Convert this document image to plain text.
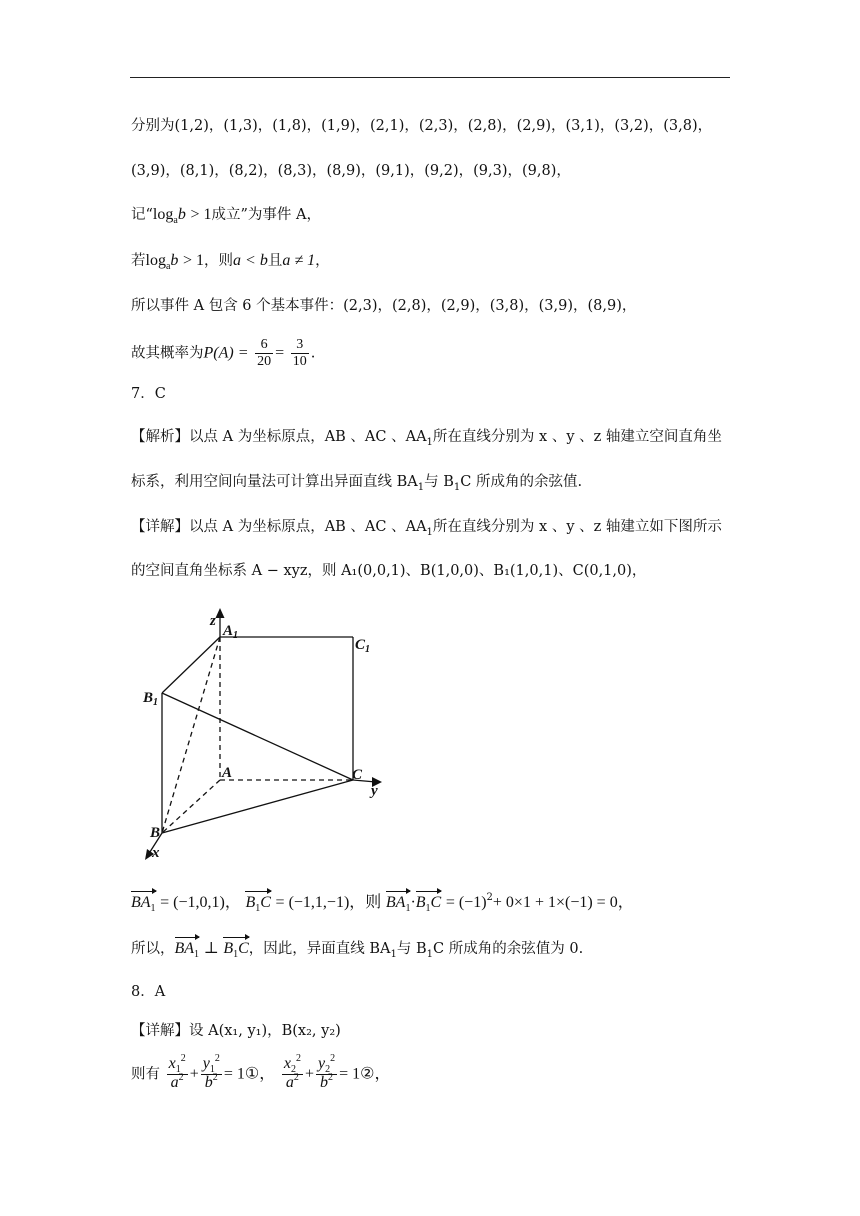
分别为(1,2)，(1,3)，(1,8)，(1,9)，(2,1)，(2,3)，(2,8)，(2,9)，(3,1)，(3,2)，(3,8)，
(3,9)，(8,1)，(8,2)，(8,3)，(8,9)，(9,1)，(9,2)，(9,3)，(9,8)，
记“$\log_ab > 1$成立”为事件 A，
若$\log_ab > 1$，则a < b且a ≠ 1，
所以事件 A 包含 6 个基本事件：(2,3)，(2,8)，(2,9)，(3,8)，(3,9)，(8,9)，
故其概率为$P(A) = \frac{6}{20} = \frac{3}{10}$ .
7．C
【解析】以点 A 为坐标原点，AB 、AC 、$AA_1$所在直线分别为 x 、y 、z 轴建立空间直角坐
标系，利用空间向量法可计算出异面直线 $BA_1$与 $B_1C$ 所成角的余弦值.
【详解】以点 A 为坐标原点，AB 、AC 、$AA_1$所在直线分别为 x 、y 、z 轴建立如下图所示
的空间直角坐标系 A − xyz，则 A₁(0,0,1)、B(1,0,0)、B₁(1,0,1)、C(0,1,0)，
z
$A_1$
$C_1$
$B_1$
A	C
y
B
x
$BA_1 = (-1,0,1)$， $B_1C = (-1,1,-1)$，则 $BA_1\cdot B_1C = (-1)^2+ 0\times 1 + 1\times(-1) = 0$，
所以，$BA_1$ ⊥ $B_1C$，因此，异面直线 $BA_1$与 $B_1C$ 所成角的余弦值为 0.
8．A
【详解】设 A(x₁, y₁)，B(x₂, y₂)
则有 $\frac{x_1^2}{a^2} + \frac{y_1^2}{b^2}$ = 1①， $\frac{x_2^2}{a^2} + \frac{y_2^2}{b^2}$ = 1②，
